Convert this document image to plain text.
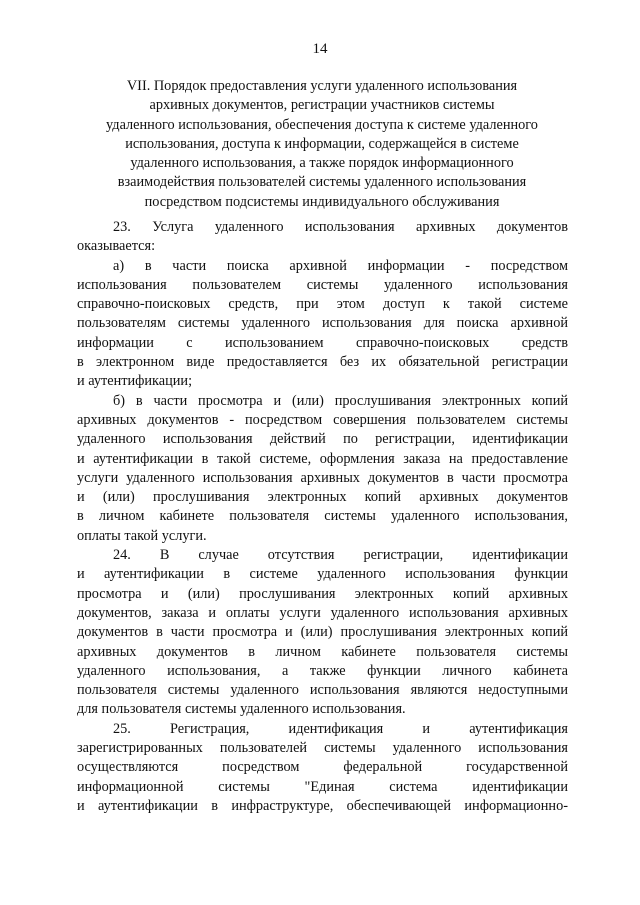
14
VII. Порядок предоставления услуги удаленного использования
архивных документов, регистрации участников системы
удаленного использования, обеспечения доступа к системе удаленного
использования, доступа к информации, содержащейся в системе
удаленного использования, а также порядок информационного
взаимодействия пользователей системы удаленного использования
посредством подсистемы индивидуального обслуживания
23. Услуга удаленного использования архивных документов
оказывается:
а) в части поиска архивной информации - посредством
использования пользователем системы удаленного использования
справочно-поисковых средств, при этом доступ к такой системе
пользователям системы удаленного использования для поиска архивной
информации с использованием справочно-поисковых средств
в электронном виде предоставляется без их обязательной регистрации
и аутентификации;
б) в части просмотра и (или) прослушивания электронных копий
архивных документов - посредством совершения пользователем системы
удаленного использования действий по регистрации, идентификации
и аутентификации в такой системе, оформления заказа на предоставление
услуги удаленного использования архивных документов в части просмотра
и (или) прослушивания электронных копий архивных документов
в личном кабинете пользователя системы удаленного использования,
оплаты такой услуги.
24. В случае отсутствия регистрации, идентификации
и аутентификации в системе удаленного использования функции
просмотра и (или) прослушивания электронных копий архивных
документов, заказа и оплаты услуги удаленного использования архивных
документов в части просмотра и (или) прослушивания электронных копий
архивных документов в личном кабинете пользователя системы
удаленного использования, а также функции личного кабинета
пользователя системы удаленного использования являются недоступными
для пользователя системы удаленного использования.
25. Регистрация, идентификация и аутентификация
зарегистрированных пользователей системы удаленного использования
осуществляются посредством федеральной государственной
информационной системы "Единая система идентификации
и аутентификации в инфраструктуре, обеспечивающей информационно-
